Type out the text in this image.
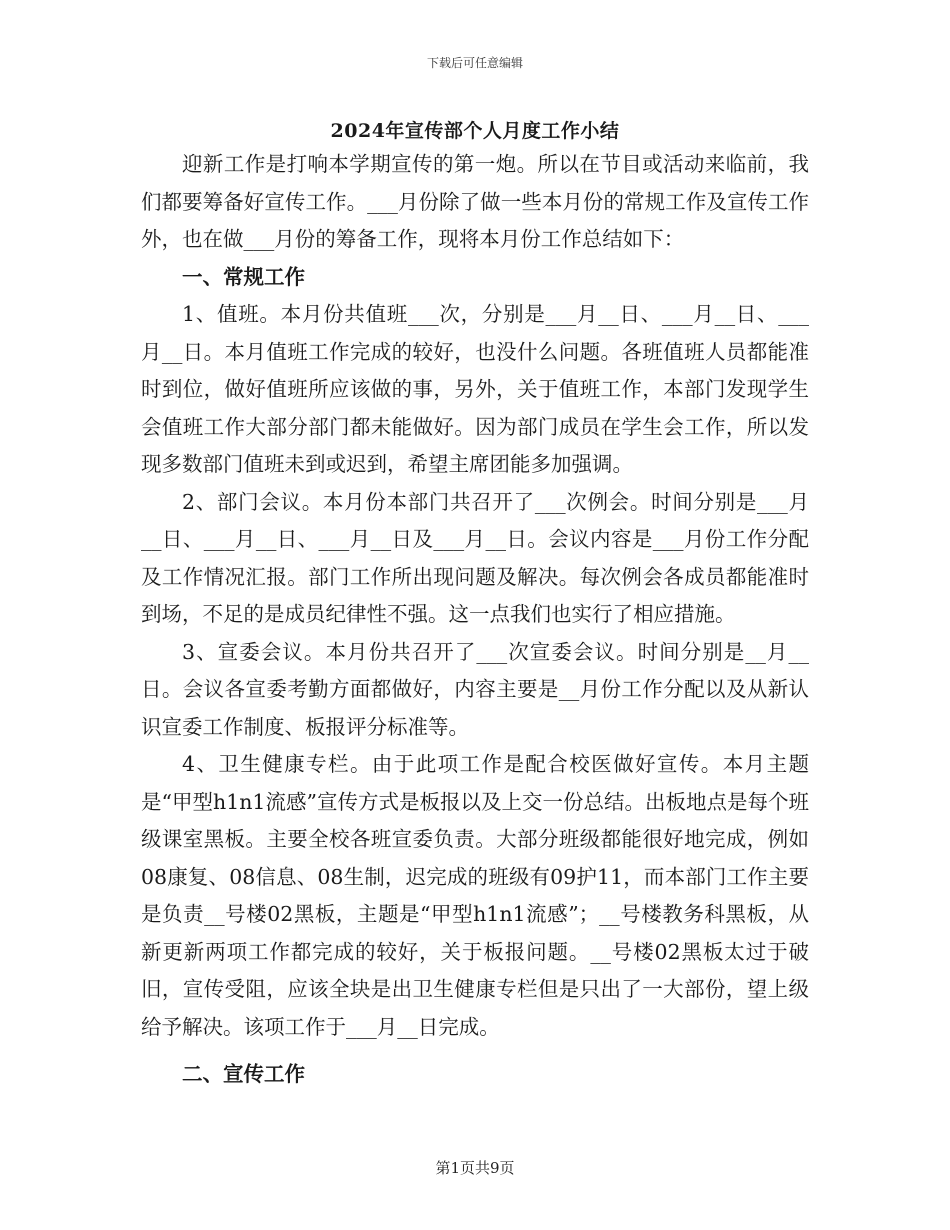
下载后可任意编辑
2024年宣传部个人月度工作小结

迎新工作是打响本学期宣传的第一炮。所以在节目或活动来临前，我们都要筹备好宣传工作。___月份除了做一些本月份的常规工作及宣传工作外，也在做___月份的筹备工作，现将本月份工作总结如下：

一、常规工作

1、值班。本月份共值班___次，分别是___月__日、___月__日、___月__日。本月值班工作完成的较好，也没什么问题。各班值班人员都能准时到位，做好值班所应该做的事，另外，关于值班工作，本部门发现学生会值班工作大部分部门都未能做好。因为部门成员在学生会工作，所以发现多数部门值班未到或迟到，希望主席团能多加强调。

2、部门会议。本月份本部门共召开了___次例会。时间分别是___月__日、___月__日、___月__日及___月__日。会议内容是___月份工作分配及工作情况汇报。部门工作所出现问题及解决。每次例会各成员都能准时到场，不足的是成员纪律性不强。这一点我们也实行了相应措施。

3、宣委会议。本月份共召开了___次宣委会议。时间分别是__月__日。会议各宣委考勤方面都做好，内容主要是__月份工作分配以及从新认识宣委工作制度、板报评分标准等。

4、卫生健康专栏。由于此项工作是配合校医做好宣传。本月主题是“甲型h1n1流感”宣传方式是板报以及上交一份总结。出板地点是每个班级课室黑板。主要全校各班宣委负责。大部分班级都能很好地完成，例如08康复、08信息、08生制，迟完成的班级有09护11，而本部门工作主要是负责__号楼02黑板，主题是“甲型h1n1流感”；__号楼教务科黑板，从新更新两项工作都完成的较好，关于板报问题。__号楼02黑板太过于破旧，宣传受阻，应该全块是出卫生健康专栏但是只出了一大部份，望上级给予解决。该项工作于___月__日完成。

二、宣传工作
第1页共9页
